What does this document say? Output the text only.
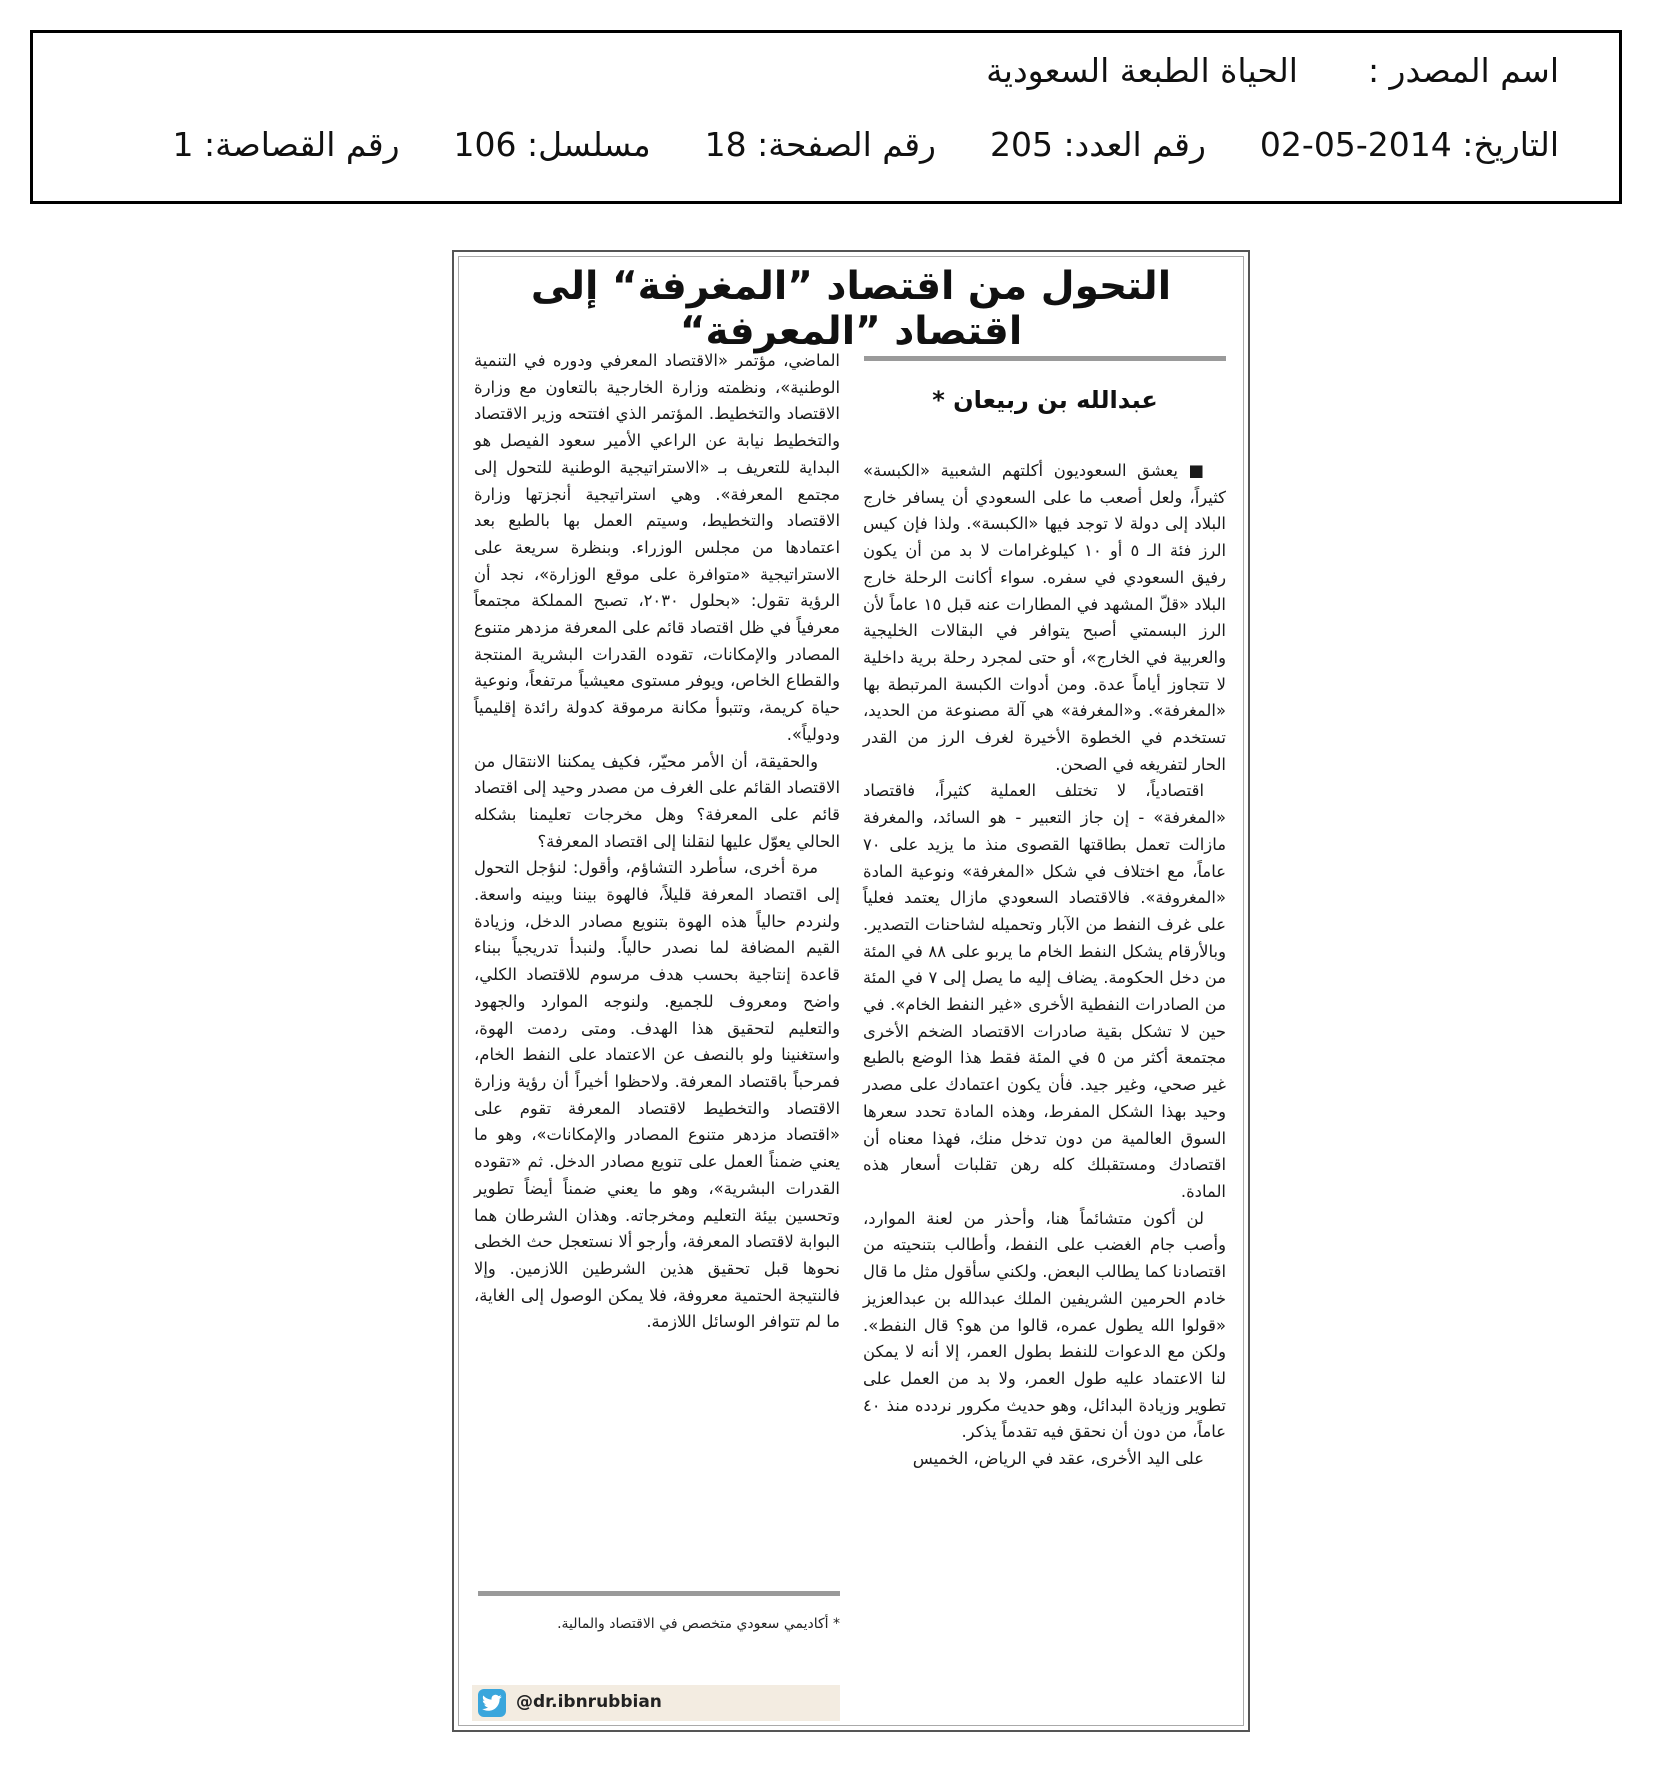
اسم المصدر :الحياة الطبعة السعودية
التاريخ: 2014-05-02رقم العدد: 205رقم الصفحة: 18مسلسل: 106رقم القصاصة: 1
التحول من اقتصاد ”المغرفة“ إلى اقتصاد ”المعرفة“
عبدالله بن ربيعان *

■ يعشق السعوديون أكلتهم الشعبية «الكبسة» كثيراً، ولعل أصعب ما على السعودي أن يسافر خارج البلاد إلى دولة لا توجد فيها «الكبسة». ولذا فإن كيس الرز فئة الـ ٥ أو ١٠ كيلوغرامات لا بد من أن يكون رفيق السعودي في سفره. سواء أكانت الرحلة خارج البلاد «قلّ المشهد في المطارات عنه قبل ١٥ عاماً لأن الرز البسمتي أصبح يتوافر في البقالات الخليجية والعربية في الخارج»، أو حتى لمجرد رحلة برية داخلية لا تتجاوز أياماً عدة. ومن أدوات الكبسة المرتبطة بها «المغرفة». و«المغرفة» هي آلة مصنوعة من الحديد، تستخدم في الخطوة الأخيرة لغرف الرز من القدر الحار لتفريغه في الصحن.

اقتصادياً، لا تختلف العملية كثيراً، فاقتصاد «المغرفة» - إن جاز التعبير - هو السائد، والمغرفة مازالت تعمل بطاقتها القصوى منذ ما يزيد على ٧٠ عاماً، مع اختلاف في شكل «المغرفة» ونوعية المادة «المغروفة». فالاقتصاد السعودي مازال يعتمد فعلياً على غرف النفط من الآبار وتحميله لشاحنات التصدير. وبالأرقام يشكل النفط الخام ما يربو على ٨٨ في المئة من دخل الحكومة. يضاف إليه ما يصل إلى ٧ في المئة من الصادرات النفطية الأخرى «غير النفط الخام». في حين لا تشكل بقية صادرات الاقتصاد الضخم الأخرى مجتمعة أكثر من ٥ في المئة فقط هذا الوضع بالطبع غير صحي، وغير جيد. فأن يكون اعتمادك على مصدر وحيد بهذا الشكل المفرط، وهذه المادة تحدد سعرها السوق العالمية من دون تدخل منك، فهذا معناه أن اقتصادك ومستقبلك كله رهن تقلبات أسعار هذه المادة.

لن أكون متشائماً هنا، وأحذر من لعنة الموارد، وأصب جام الغضب على النفط، وأطالب بتنحيته من اقتصادنا كما يطالب البعض. ولكني سأقول مثل ما قال خادم الحرمين الشريفين الملك عبدالله بن عبدالعزيز «قولوا الله يطول عمره، قالوا من هو؟ قال النفط». ولكن مع الدعوات للنفط بطول العمر، إلا أنه لا يمكن لنا الاعتماد عليه طول العمر، ولا بد من العمل على تطوير وزيادة البدائل، وهو حديث مكرور نردده منذ ٤٠ عاماً، من دون أن نحقق فيه تقدماً يذكر.

على اليد الأخرى، عقد في الرياض، الخميس

الماضي، مؤتمر «الاقتصاد المعرفي ودوره في التنمية الوطنية»، ونظمته وزارة الخارجية بالتعاون مع وزارة الاقتصاد والتخطيط. المؤتمر الذي افتتحه وزير الاقتصاد والتخطيط نيابة عن الراعي الأمير سعود الفيصل هو البداية للتعريف بـ «الاستراتيجية الوطنية للتحول إلى مجتمع المعرفة». وهي استراتيجية أنجزتها وزارة الاقتصاد والتخطيط، وسيتم العمل بها بالطبع بعد اعتمادها من مجلس الوزراء. وبنظرة سريعة على الاستراتيجية «متوافرة على موقع الوزارة»، نجد أن الرؤية تقول: «بحلول ٢٠٣٠، تصبح المملكة مجتمعاً معرفياً في ظل اقتصاد قائم على المعرفة مزدهر متنوع المصادر والإمكانات، تقوده القدرات البشرية المنتجة والقطاع الخاص، ويوفر مستوى معيشياً مرتفعاً، ونوعية حياة كريمة، وتتبوأ مكانة مرموقة كدولة رائدة إقليمياً ودولياً».

والحقيقة، أن الأمر محيّر، فكيف يمكننا الانتقال من الاقتصاد القائم على الغرف من مصدر وحيد إلى اقتصاد قائم على المعرفة؟ وهل مخرجات تعليمنا بشكله الحالي يعوّل عليها لنقلنا إلى اقتصاد المعرفة؟

مرة أخرى، سأطرد التشاؤم، وأقول: لنؤجل التحول إلى اقتصاد المعرفة قليلاً، فالهوة بيننا وبينه واسعة. ولنردم حالياً هذه الهوة بتنويع مصادر الدخل، وزيادة القيم المضافة لما نصدر حالياً. ولنبدأ تدريجياً ببناء قاعدة إنتاجية بحسب هدف مرسوم للاقتصاد الكلي، واضح ومعروف للجميع. ولنوجه الموارد والجهود والتعليم لتحقيق هذا الهدف. ومتى ردمت الهوة، واستغنينا ولو بالنصف عن الاعتماد على النفط الخام، فمرحباً باقتصاد المعرفة. ولاحظوا أخيراً أن رؤية وزارة الاقتصاد والتخطيط لاقتصاد المعرفة تقوم على «اقتصاد مزدهر متنوع المصادر والإمكانات»، وهو ما يعني ضمناً العمل على تنويع مصادر الدخل. ثم «تقوده القدرات البشرية»، وهو ما يعني ضمناً أيضاً تطوير وتحسين بيئة التعليم ومخرجاته. وهذان الشرطان هما البوابة لاقتصاد المعرفة، وأرجو ألا نستعجل حث الخطى نحوها قبل تحقيق هذين الشرطين اللازمين. وإلا فالنتيجة الحتمية معروفة، فلا يمكن الوصول إلى الغاية، ما لم تتوافر الوسائل اللازمة.

* أكاديمي سعودي متخصص في الاقتصاد والمالية.
@dr.ibnrubbian
